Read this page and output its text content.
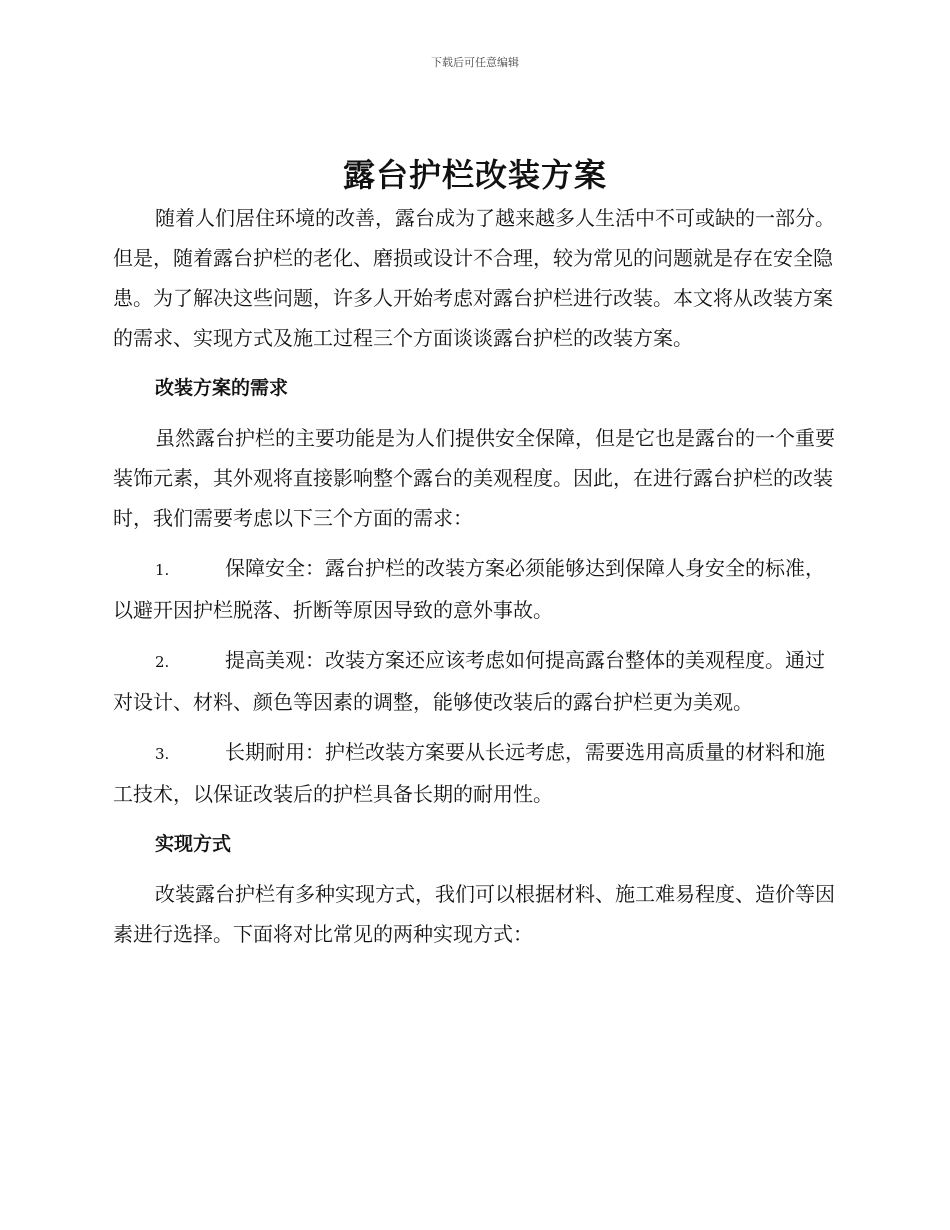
下载后可任意编辑
露台护栏改装方案

随着人们居住环境的改善，露台成为了越来越多人生活中不可或缺的一部分。但是，随着露台护栏的老化、磨损或设计不合理，较为常见的问题就是存在安全隐患。为了解决这些问题，许多人开始考虑对露台护栏进行改装。本文将从改装方案的需求、实现方式及施工过程三个方面谈谈露台护栏的改装方案。

改装方案的需求

虽然露台护栏的主要功能是为人们提供安全保障，但是它也是露台的一个重要装饰元素，其外观将直接影响整个露台的美观程度。因此，在进行露台护栏的改装时，我们需要考虑以下三个方面的需求：

1.	保障安全：露台护栏的改装方案必须能够达到保障人身安全的标准，以避开因护栏脱落、折断等原因导致的意外事故。

2.	提高美观：改装方案还应该考虑如何提高露台整体的美观程度。通过对设计、材料、颜色等因素的调整，能够使改装后的露台护栏更为美观。

3.	长期耐用：护栏改装方案要从长远考虑，需要选用高质量的材料和施工技术，以保证改装后的护栏具备长期的耐用性。

实现方式

改装露台护栏有多种实现方式，我们可以根据材料、施工难易程度、造价等因素进行选择。下面将对比常见的两种实现方式：
